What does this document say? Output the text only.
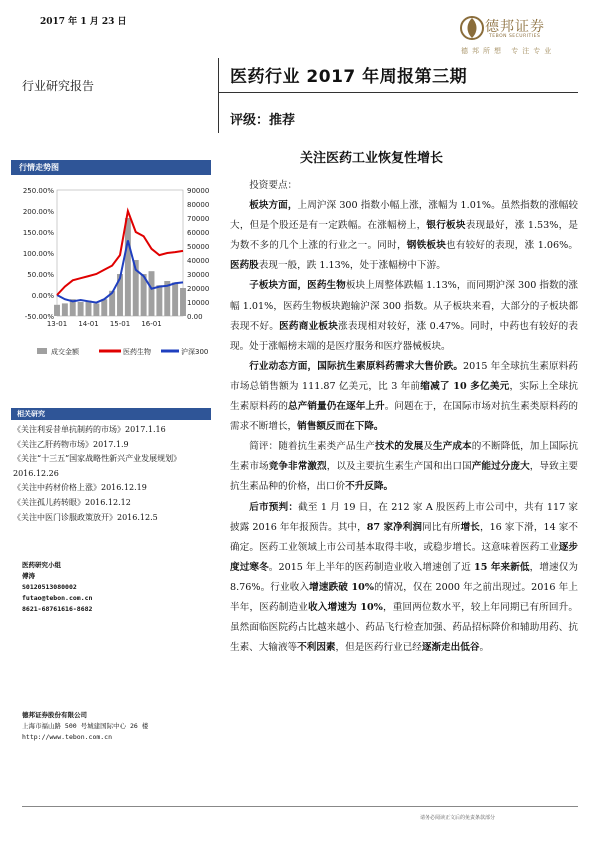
2017 年 1 月 23 日	德邦证券
TEBON SECURITIES
德邦所想 专注专业
行业研究报告	医药行业 2017 年周报第三期
评级：推荐
关注医药工业恢复性增长
行情走势图
250.00%
200.00%
150.00%
100.00%
50.00%
0.00%
-50.00%
90000
80000
70000
60000
50000
40000
30000
20000
10000
0.00
13-01 14-01 15-01 16-01
成交金额	医药生物	沪深300
相关研究
《关注利妥昔单抗制药的市场》2017.1.16
《关注乙肝药物市场》2017.1.9
《关注“十三五”国家战略性新兴产业发展规划》2016.12.26
《关注中药材价格上涨》2016.12.19
《关注孤儿药转眼》2016.12.12
《关注中医门诊服政策放开》2016.12.5
医药研究小组
傅涛
S0120513080002
futao@tebon.com.cn
8621-68761616-8682
德邦证券股份有限公司
上海市福山路 500 号城建国际中心 26 楼
http://www.tebon.com.cn

投资要点：

板块方面，上周沪深 300 指数小幅上涨，涨幅为 1.01%。虽然指数的涨幅较大，但是个股还是有一定跌幅。在涨幅榜上，银行板块表现最好，涨 1.53%，是为数不多的几个上涨的行业之一。同时，钢铁板块也有较好的表现，涨 1.06%。医药股表现一般，跌 1.13%，处于涨幅榜中下游。

子板块方面，医药生物板块上周整体跌幅 1.13%，而同期沪深 300 指数的涨幅 1.01%，医药生物板块跑输沪深 300 指数。从子板块来看，大部分的子板块都表现不好。医药商业板块涨表现相对较好，涨 0.47%。同时，中药也有较好的表现。处于涨幅榜末端的是医疗服务和医疗器械板块。

行业动态方面，国际抗生素原料药需求大售价跌。2015 年全球抗生素原料药市场总销售额为 111.87 亿美元，比 3 年前缩减了 10 多亿美元，实际上全球抗生素原料药的总产销量仍在逐年上升。问题在于，在国际市场对抗生素类原料药的需求不断增长，销售额反而在下降。

简评：随着抗生素类产品生产技术的发展及生产成本的不断降低，加上国际抗生素市场竞争非常激烈，以及主要抗生素生产国和出口国产能过分庞大，导致主要抗生素品种的价格，出口价不升反降。

后市预判：截至 1 月 19 日，在 212 家 A 股医药上市公司中，共有 117 家披露 2016 年年报预告。其中，87 家净利润同比有所增长，16 家下滑，14 家不确定。医药工业领域上市公司基本取得丰收，或稳步增长。这意味着医药工业逐步度过寒冬。2015 年上半年的医药制造业收入增速创了近 15 年来新低，增速仅为 8.76%。行业收入增速跌破 10%的情况，仅在 2000 年之前出现过。2016 年上半年，医药制造业收入增速为 10%，重回两位数水平，较上年同期已有所回升。虽然面临医院药占比越来越小、药品飞行检查加强、药品招标降价和辅助用药、抗生素、大输液等不利因素，但是医药行业已经逐渐走出低谷。

请务必阅读正文后的免责条款部分
